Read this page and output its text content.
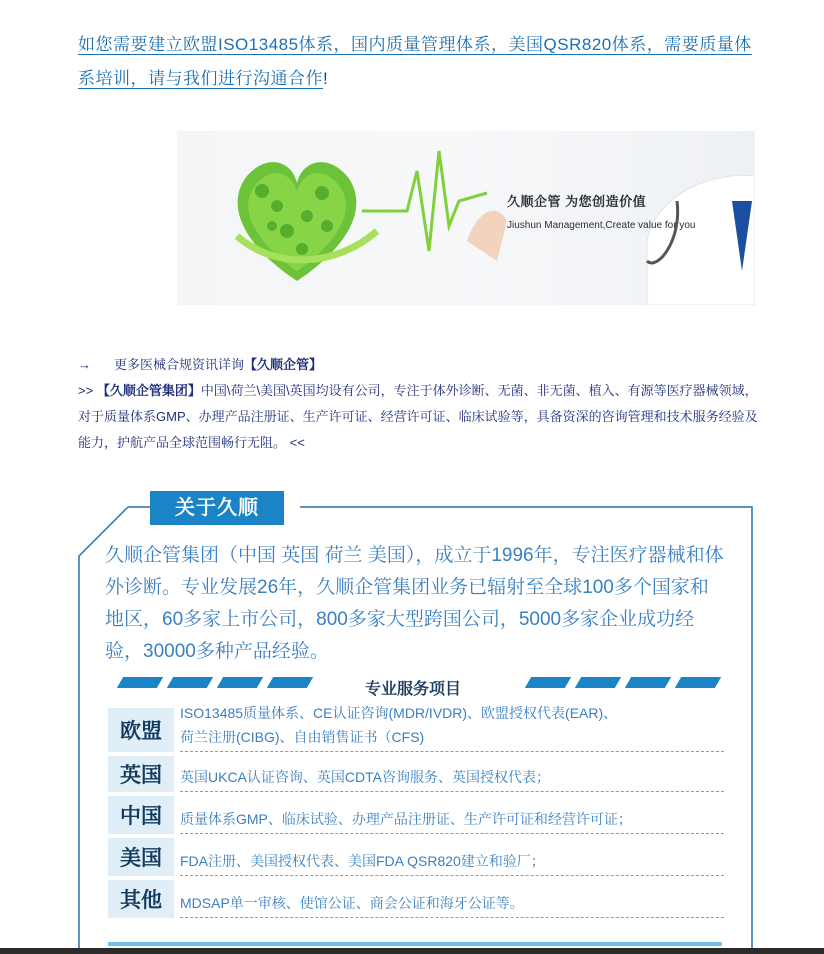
如您需要建立欧盟ISO13485体系，国内质量管理体系，美国QSR820体系，需要质量体系培训，请与我们进行沟通合作!
久顺企管 为您创造价值
Jiushun Management,Create value for you
→ 更多医械合规资讯详询【久顺企管】
>> 【久顺企管集团】中国\荷兰\美国\英国均设有公司，专注于体外诊断、无菌、非无菌、植入、有源等医疗器械领域，对于质量体系GMP、办理产品注册证、生产许可证、经营许可证、临床试验等，具备资深的咨询管理和技术服务经验及能力，护航产品全球范围畅行无阻。 <<
关于久顺
久顺企管集团（中国 英国 荷兰 美国），成立于1996年，专注医疗器械和体外诊断。专业发展26年，久顺企管集团业务已辐射至全球100多个国家和地区，60多家上市公司，800多家大型跨国公司，5000多家企业成功经验，30000多种产品经验。
专业服务项目
欧盟
ISO13485质量体系、CE认证咨询(MDR/IVDR)、欧盟授权代表(EAR)、
荷兰注册(CIBG)、自由销售证书（CFS)
英国	英国UKCA认证咨询、英国CDTA咨询服务、英国授权代表；
中国	质量体系GMP、临床试验、办理产品注册证、生产许可证和经营许可证；
美国	FDA注册、美国授权代表、美国FDA QSR820建立和验厂；
其他	MDSAP单一审核、使馆公证、商会公证和海牙公证等。
